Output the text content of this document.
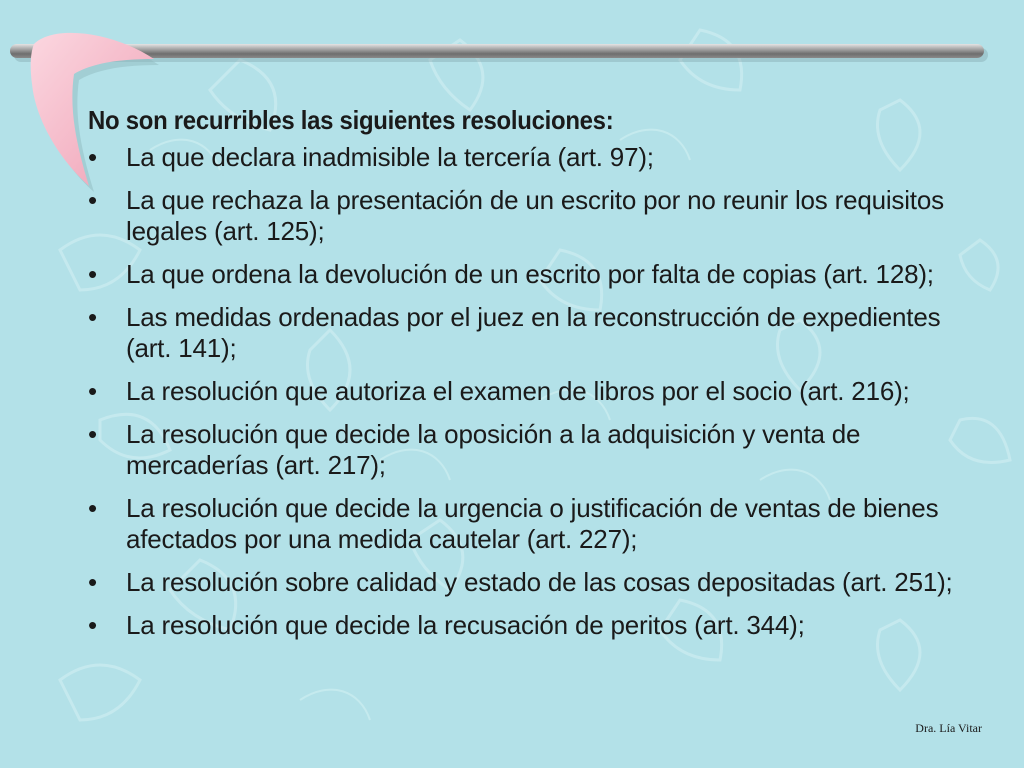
No son recurribles las siguientes resoluciones:
• La que declara inadmisible la tercería (art. 97);
• La que rechaza la presentación de un escrito por no reunir los requisitos legales (art. 125);
• La que ordena la devolución de un escrito por falta de copias (art. 128);
• Las medidas ordenadas por el juez en la reconstrucción de expedientes (art. 141);
• La resolución que autoriza el examen de libros por el socio (art. 216);
• La resolución que decide la oposición a la adquisición y venta de mercaderías (art. 217);
• La resolución que decide la urgencia o justificación de ventas de bienes afectados por una medida cautelar (art. 227);
• La resolución sobre calidad y estado de las cosas depositadas (art. 251);
• La resolución que decide la recusación de peritos (art. 344);
Dra. Lía Vitar
